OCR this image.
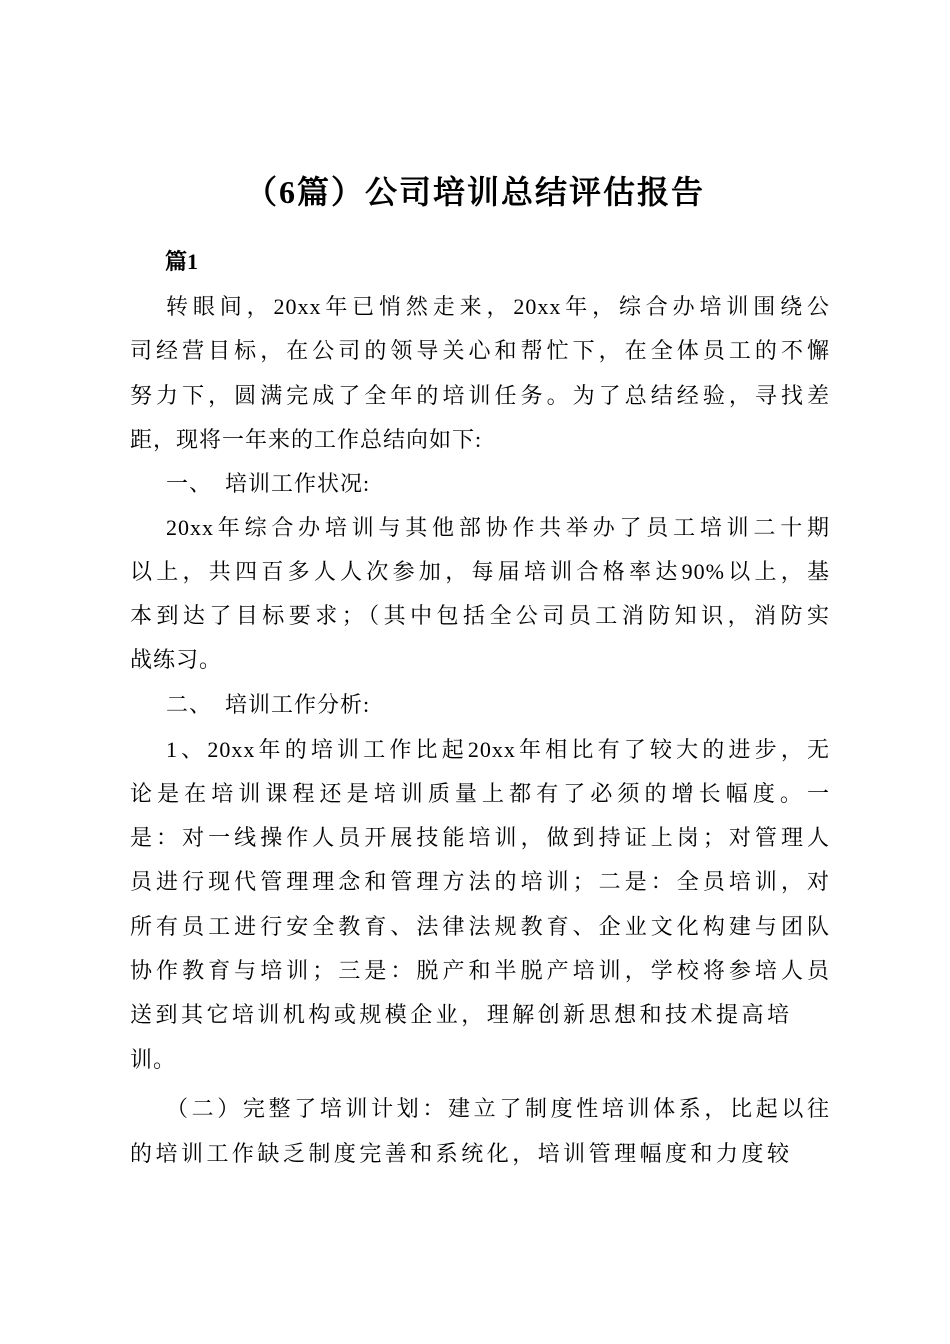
（6篇）公司培训总结评估报告
篇1
转眼间，20xx年已悄然走来，20xx年，综合办培训围绕公
司经营目标，在公司的领导关心和帮忙下，在全体员工的不懈
努力下，圆满完成了全年的培训任务。为了总结经验，寻找差
距，现将一年来的工作总结向如下:
一、  培训工作状况:
20xx年综合办培训与其他部协作共举办了员工培训二十期
以上，共四百多人人次参加，每届培训合格率达90%以上，基
本到达了目标要求；（其中包括全公司员工消防知识，消防实
战练习。
二、  培训工作分析:
1、20xx年的培训工作比起20xx年相比有了较大的进步，无
论是在培训课程还是培训质量上都有了必须的增长幅度。一
是：对一线操作人员开展技能培训，做到持证上岗；对管理人
员进行现代管理理念和管理方法的培训；二是：全员培训，对
所有员工进行安全教育、法律法规教育、企业文化构建与团队
协作教育与培训；三是：脱产和半脱产培训，学校将参培人员
送到其它培训机构或规模企业，理解创新思想和技术提高培
训。
（二）完整了培训计划：建立了制度性培训体系，比起以往
的培训工作缺乏制度完善和系统化，培训管理幅度和力度较
